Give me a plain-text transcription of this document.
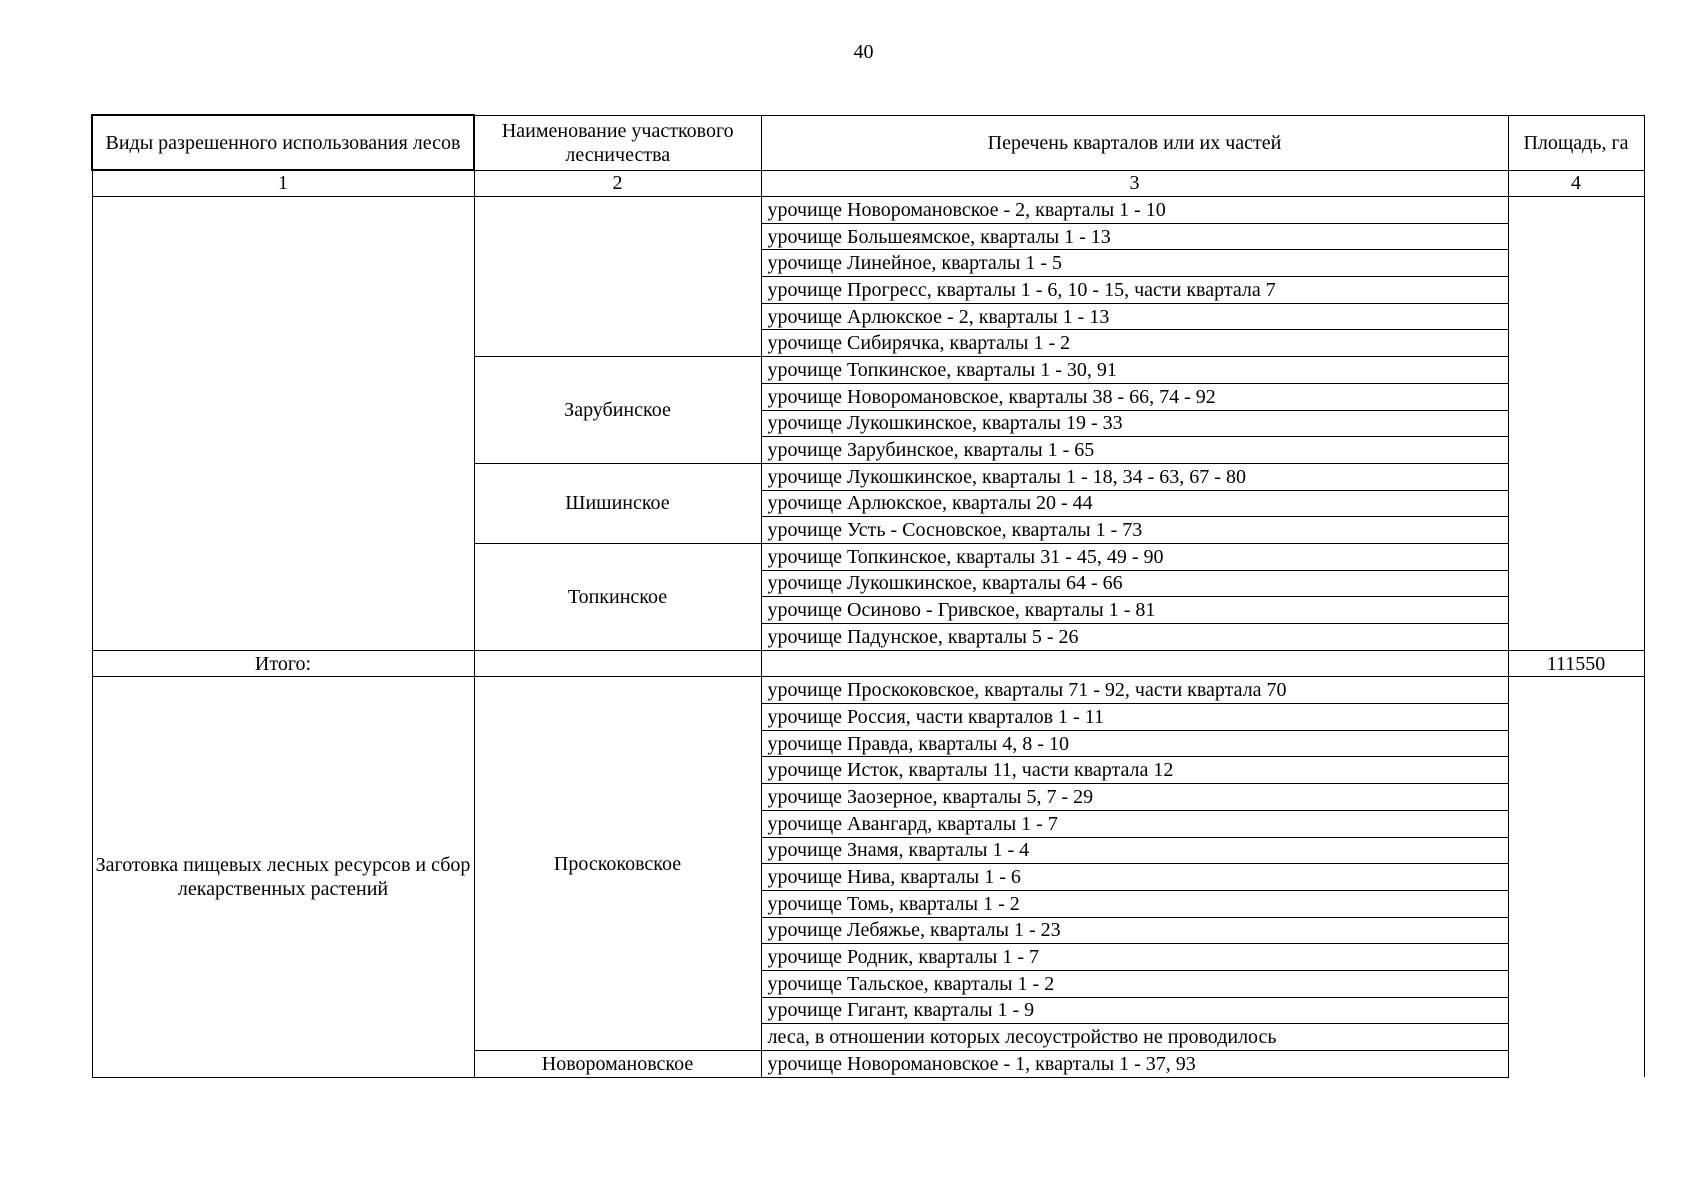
40
Виды разрешенного использования лесов	Наименование участкового лесничества	Перечень кварталов или их частей	Площадь, га
1	2	3	4
		урочище Новоромановское - 2, кварталы 1 - 10	
		урочище Большеямское, кварталы 1 - 13	
		урочище Линейное, кварталы 1 - 5	
		урочище Прогресс, кварталы 1 - 6, 10 - 15, части квартала 7	
		урочище Арлюкское - 2, кварталы 1 - 13	
		урочище Сибирячка, кварталы 1 - 2	
	Зарубинское	урочище Топкинское, кварталы 1 - 30, 91	
		урочище Новоромановское, кварталы 38 - 66, 74 - 92	
		урочище Лукошкинское, кварталы 19 - 33	
		урочище Зарубинское, кварталы 1 - 65	
	Шишинское	урочище Лукошкинское, кварталы 1 - 18, 34 - 63, 67 - 80	
		урочище Арлюкское, кварталы 20 - 44	
		урочище Усть - Сосновское, кварталы 1 - 73	
	Топкинское	урочище Топкинское, кварталы 31 - 45, 49 - 90	
		урочище Лукошкинское, кварталы 64 - 66	
		урочище Осиново - Гривское, кварталы 1 - 81	
		урочище Падунское, кварталы 5 - 26	
Итого:			111550
Заготовка пищевых лесных ресурсов и сбор лекарственных растений	Проскоковское	урочище Проскоковское, кварталы 71 - 92, части квартала 70	
		урочище Россия, части кварталов 1 - 11	
		урочище Правда, кварталы 4, 8 - 10	
		урочище Исток, кварталы 11, части квартала 12	
		урочище Заозерное, кварталы 5, 7 - 29	
		урочище Авангард, кварталы 1 - 7	
		урочище Знамя, кварталы 1 - 4	
		урочище Нива, кварталы 1 - 6	
		урочище Томь, кварталы 1 - 2	
		урочище Лебяжье, кварталы 1 - 23	
		урочище Родник, кварталы 1 - 7	
		урочище Тальское, кварталы 1 - 2	
		урочище Гигант, кварталы 1 - 9	
		леса, в отношении которых лесоустройство не проводилось	
	Новоромановское	урочище Новоромановское - 1, кварталы 1 - 37, 93	
